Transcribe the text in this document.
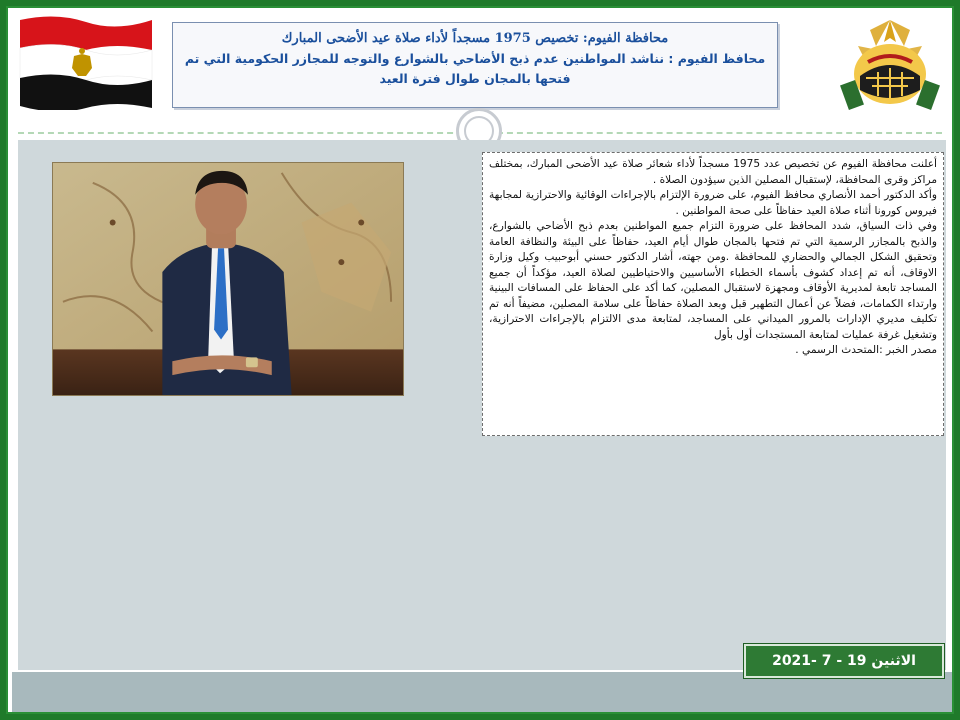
محافظة الفيوم: تخصيص 1975 مسجداً لأداء صلاة عيد الأضحى المبارك
محافظ الفيوم : نناشد المواطنين عدم ذبح الأضاحي بالشوارع والتوجه للمجازر الحكومية التي تم فتحها بالمجان طوال فترة العيد

أعلنت محافظة الفيوم عن تخصيص عدد 1975 مسجداً لأداء شعائر صلاة عيد الأضحى المبارك، بمختلف مراكز وقرى المحافظة، لإستقبال المصلين الذين سيؤدون الصلاة .

وأكد الدكتور أحمد الأنصاري محافظ الفيوم، على ضرورة الإلتزام بالإجراءات الوقائية والاحترازية لمجابهة فيروس كورونا أثناء صلاة العيد حفاظاً على صحة المواطنين .

وفي ذات السياق، شدد المحافظ على ضرورة التزام جميع المواطنين بعدم ذبح الأضاحي بالشوارع، والذبح بالمجازر الرسمية التي تم فتحها بالمجان طوال أيام العيد، حفاظاً على البيئة والنظافة العامة وتحقيق الشكل الجمالي والحضاري للمحافظة .ومن جهته، أشار الدكتور حسني أبوحبيب وكيل وزارة الاوقاف، أنه تم إعداد كشوف بأسماء الخطباء الأساسيين والاحتياطيين لصلاة العيد، مؤكداً أن جميع المساجد تابعة لمديرية الأوقاف ومجهزة لاستقبال المصلين، كما أكد على الحفاظ على المسافات البينية وارتداء الكمامات، فضلاً عن أعمال التطهير قبل وبعد الصلاة حفاظاً على سلامة المصلين، مضيفاً أنه تم تكليف مديري الإدارات بالمرور الميداني على المساجد، لمتابعة مدى الالتزام بالإجراءات الاحترازية، وتشغيل غرفة عمليات لمتابعة المستجدات أول بأول

مصدر الخبر :المتحدث الرسمي .

الاثنين 19 - 7 -2021
